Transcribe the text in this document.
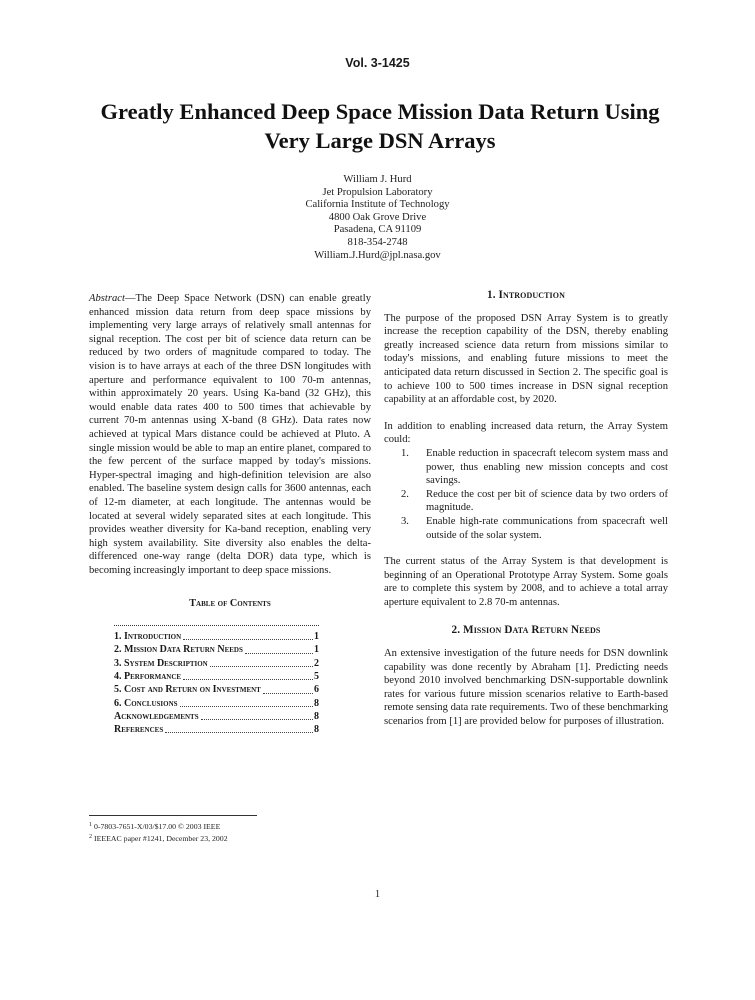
Vol. 3-1425
Greatly Enhanced Deep Space Mission Data Return Using
Very Large DSN Arrays
William J. Hurd
Jet Propulsion Laboratory
California Institute of Technology
4800 Oak Grove Drive
Pasadena, CA 91109
818-354-2748
William.J.Hurd@jpl.nasa.gov

Abstract—The Deep Space Network (DSN) can enable greatly enhanced mission data return from deep space missions by implementing very large arrays of relatively small antennas for signal reception. The cost per bit of science data return can be reduced by two orders of magnitude compared to today. The vision is to have arrays at each of the three DSN longitudes with aperture and performance equivalent to 100 70-m antennas, within approximately 20 years. Using Ka-band (32 GHz), this would enable data rates 400 to 500 times that achievable by current 70-m antennas using X-band (8 GHz). Data rates now achieved at typical Mars distance could be achieved at Pluto. A single mission would be able to map an entire planet, compared to the few percent of the surface mapped by today's missions. Hyper-spectral imaging and high-definition television are also enabled. The baseline system design calls for 3600 antennas, each of 12-m diameter, at each longitude. The antennas would be located at several widely separated sites at each longitude. This provides weather diversity for Ka-band reception, enabling very high system availability. Site diversity also enables the delta-differenced one-way range (delta DOR) data type, which is becoming increasingly important to deep space missions.

Table of Contents
1. Introduction	1
2. Mission Data Return Needs	1
3. System Description	2
4. Performance	5
5. Cost and Return on Investment	6
6. Conclusions	8
Acknowledgements	8
References	8
1. Introduction

The purpose of the proposed DSN Array System is to greatly increase the reception capability of the DSN, thereby enabling greatly increased science data return from missions similar to today's missions, and enabling future missions to meet the anticipated data return discussed in Section 2. The specific goal is to achieve 100 to 500 times increase in DSN signal reception capability at an affordable cost, by 2020.

In addition to enabling increased data return, the Array System could:

1. Enable reduction in spacecraft telecom system mass and power, thus enabling new mission concepts and cost savings.
2. Reduce the cost per bit of science data by two orders of magnitude.
3. Enable high-rate communications from spacecraft well outside of the solar system.

The current status of the Array System is that development is beginning of an Operational Prototype Array System. Some goals are to complete this system by 2008, and to achieve a total array aperture equivalent to 2.8 70-m antennas.

2. Mission Data Return Needs

An extensive investigation of the future needs for DSN downlink capability was done recently by Abraham [1]. Predicting needs beyond 2010 involved benchmarking DSN-supportable downlink rates for various future mission scenarios relative to Earth-based remote sensing data rate requirements. Two of these benchmarking scenarios from [1] are provided below for purposes of illustration.

$^1$ 0-7803-7651-X/03/$17.00 © 2003 IEEE
$^2$ IEEEAC paper #1241, December 23, 2002
1
